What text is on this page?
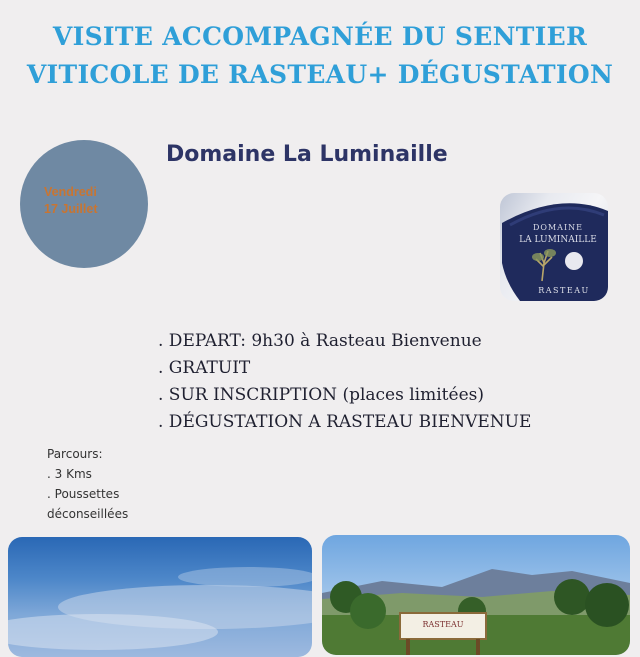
VISITE ACCOMPAGNÉE DU SENTIER
VITICOLE DE RASTEAU+ DÉGUSTATION
Vendredi
17 Juillet
Domaine La Luminaille
DOMAINE
LA LUMINAILLE
RASTEAU
. DEPART: 9h30 à Rasteau Bienvenue
. GRATUIT
. SUR INSCRIPTION (places limitées)
. DÉGUSTATION A RASTEAU BIENVENUE
Parcours:
. 3 Kms
. Poussettes
déconseillées
RASTEAU
